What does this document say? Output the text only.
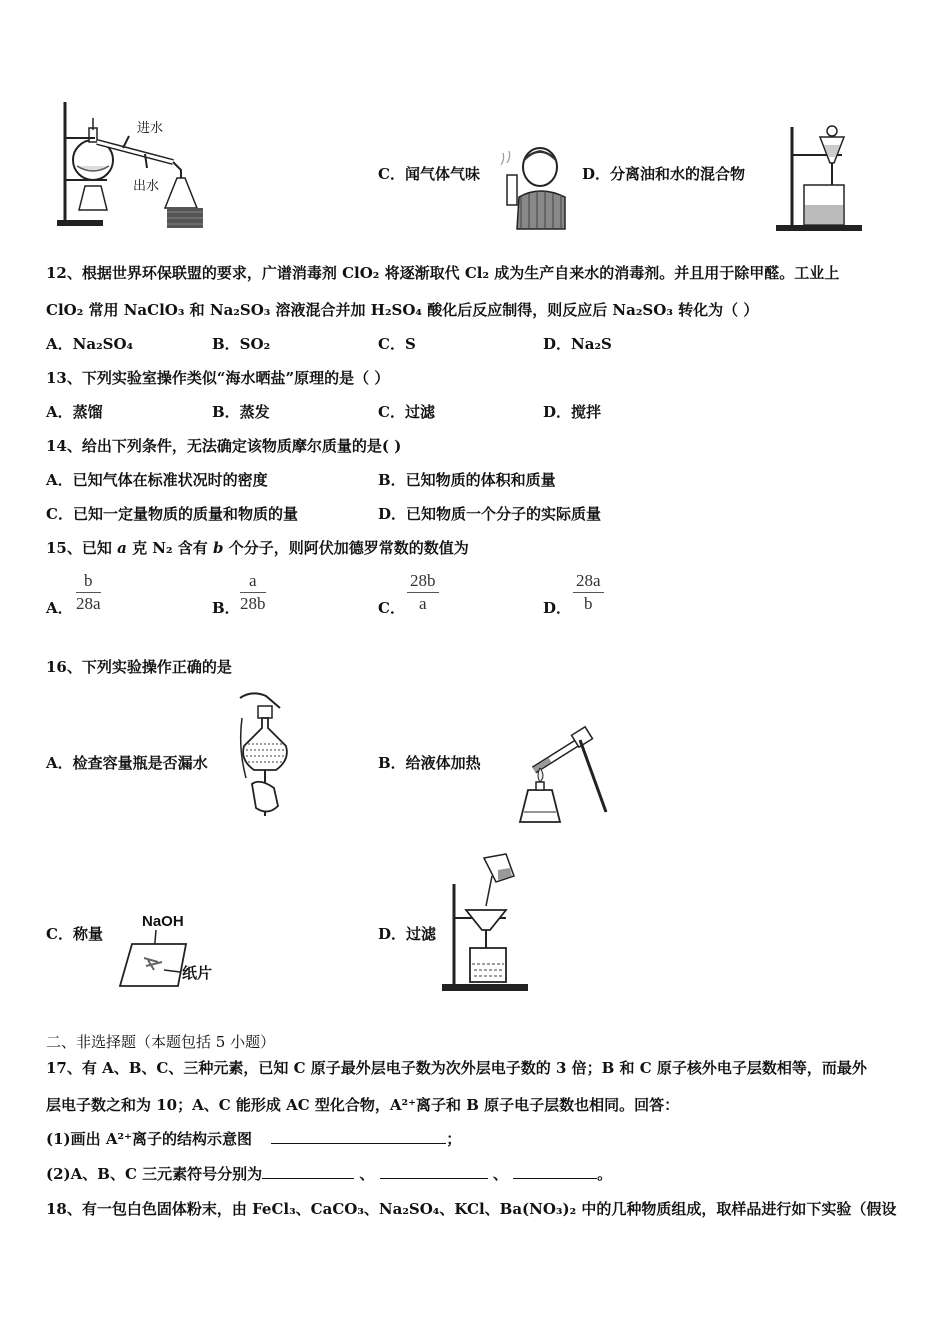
进水
出水
C．闻气体气味	D．分离油和水的混合物
12、根据世界环保联盟的要求，广谱消毒剂 ClO₂ 将逐渐取代 Cl₂ 成为生产自来水的消毒剂。并且用于除甲醛。工业上
ClO₂ 常用 NaClO₃ 和 Na₂SO₃ 溶液混合并加 H₂SO₄ 酸化后反应制得，则反应后 Na₂SO₃ 转化为（ ）
A．Na₂SO₄	B．SO₂	C．S	D．Na₂S
13、下列实验室操作类似“海水晒盐”原理的是（ ）
A．蒸馏	B．蒸发	C．过滤	D．搅拌
14、给出下列条件，无法确定该物质摩尔质量的是( )
A．已知气体在标准状况时的密度	B．已知物质的体积和质量
C．已知一定量物质的质量和物质的量	D．已知物质一个分子的实际质量
15、已知 a 克 N₂ 含有 b 个分子，则阿伏加德罗常数的数值为
A． $\frac{b}{28a}$	B． $\frac{a}{28b}$	C． $\frac{28b}{a}$	D． $\frac{28a}{b}$
16、下列实验操作正确的是
A．检查容量瓶是否漏水	B．给液体加热
C．称量
NaOH
纸片
D．过滤
二、非选择题（本题包括 5 小题）
17、有 A、B、C、三种元素，已知 C 原子最外层电子数为次外层电子数的 3 倍；B 和 C 原子核外电子层数相等，而最外
层电子数之和为 10；A、C 能形成 AC 型化合物，A²⁺离子和 B 原子电子层数也相同。回答：
(1)画出 A²⁺离子的结构示意图	；
(2)A、B、C 三元素符号分别为	、	、	。
18、有一包白色固体粉末，由 FeCl₃、CaCO₃、Na₂SO₄、KCl、Ba(NO₃)₂ 中的几种物质组成，取样品进行如下实验（假设
